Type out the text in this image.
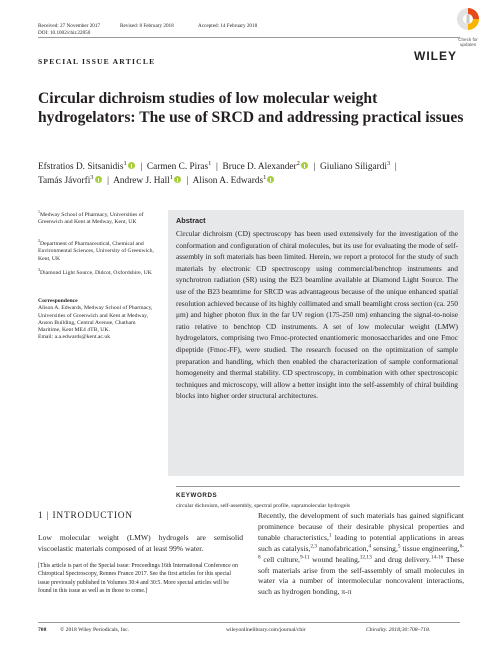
Received: 27 November 2017	Revised: 8 February 2018	Accepted: 14 February 2018
DOI: 10.1002/chir.22850
SPECIAL ISSUE ARTICLE	WILEY
Check for
updates
Circular dichroism studies of low molecular weight hydrogelators: The use of SRCD and addressing practical issues
Efstratios D. Sitsanidis$^1$  |  Carmen C. Piras$^1$  |  Bruce D. Alexander$^2$  |  Giuliano Siligardi$^3$  |
Tamás Jávorfi$^3$  |  Andrew J. Hall$^1$  |  Alison A. Edwards$^1$
$^1$Medway School of Pharmacy, Universities of Greenwich and Kent at Medway, Kent, UK
$^2$Department of Pharmaceutical, Chemical and Environmental Sciences, University of Greenwich, Kent, UK
$^3$Diamond Light Source, Didcot, Oxfordshire, UK
Correspondence
Alison A. Edwards, Medway School of Pharmacy, Universities of Greenwich and Kent at Medway, Anson Building, Central Avenue, Chatham Maritime, Kent ME4 4TB, UK.
Email: a.a.edwards@kent.ac.uk
Abstract
Circular dichroism (CD) spectroscopy has been used extensively for the investigation of the conformation and configuration of chiral molecules, but its use for evaluating the mode of self-assembly in soft materials has been limited. Herein, we report a protocol for the study of such materials by electronic CD spectroscopy using commercial/benchtop instruments and synchrotron radiation (SR) using the B23 beamline available at Diamond Light Source. The use of the B23 beamtime for SRCD was advantageous because of the unique enhanced spatial resolution achieved because of its highly collimated and small beamlight cross section (ca. 250 μm) and higher photon flux in the far UV region (175-250 nm) enhancing the signal-to-noise ratio relative to benchtop CD instruments. A set of low molecular weight (LMW) hydrogelators, comprising two Fmoc-protected enantiomeric monosaccharides and one Fmoc dipeptide (Fmoc-FF), were studied. The research focused on the optimization of sample preparation and handling, which then enabled the characterization of sample conformational homogeneity and thermal stability. CD spectroscopy, in combination with other spectroscopic techniques and microscopy, will allow a better insight into the self-assembly of chiral building blocks into higher order structural architectures.
KEYWORDS
circular dichroism, self-assembly, spectral profile, supramolecular hydrogels
1 | INTRODUCTION
Low molecular weight (LMW) hydrogels are semisolid viscoelastic materials composed of at least 99% water.
[This article is part of the Special issue: Proceedings 16th International Conference on Chiroptical Spectroscopy, Rennes France 2017. See the first articles for this special issue previously published in Volumes 30:4 and 30:5. More special articles will be found in this issue as well as in those to come.]
Recently, the development of such materials has gained significant prominence because of their desirable physical properties and tunable characteristics,$^1$ leading to potential applications in areas such as catalysis,$^{2,3}$ nanofabrication,$^4$ sensing,$^5$ tissue engineering,$^{6-8}$ cell culture,$^{9-11}$ wound healing,$^{12,13}$ and drug delivery.$^{14-16}$ These soft materials arise from the self-assembly of small molecules in water via a number of intermolecular noncovalent interactions, such as hydrogen bonding, π-π
708 © 2018 Wiley Periodicals, Inc.	wileyonlinelibrary.com/journal/chir	Chirality. 2018;30:708–718.
